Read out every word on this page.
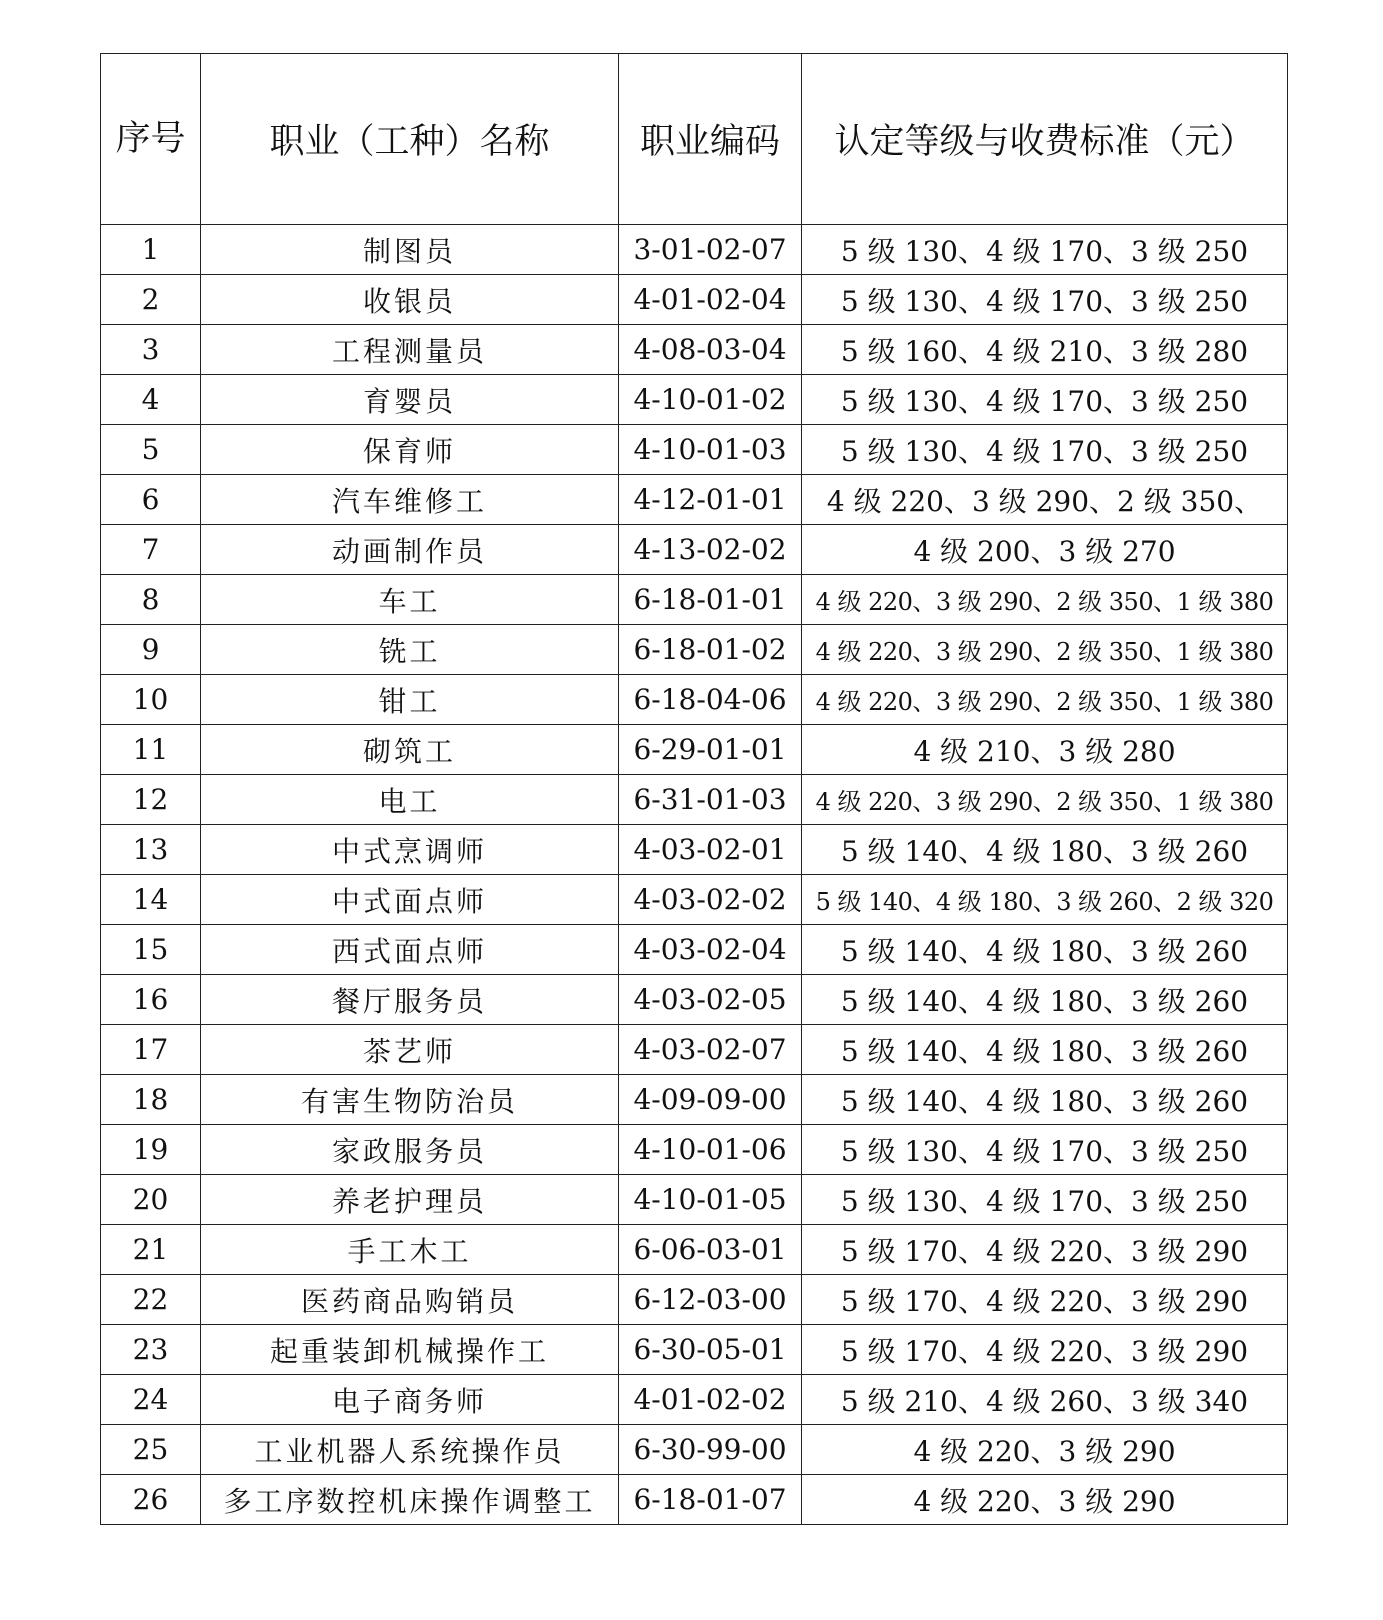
序号	职业（工种）名称	职业编码	认定等级与收费标准（元）
1	制图员	3-01-02-07	5 级 130、4 级 170、3 级 250
2	收银员	4-01-02-04	5 级 130、4 级 170、3 级 250
3	工程测量员	4-08-03-04	5 级 160、4 级 210、3 级 280
4	育婴员	4-10-01-02	5 级 130、4 级 170、3 级 250
5	保育师	4-10-01-03	5 级 130、4 级 170、3 级 250
6	汽车维修工	4-12-01-01	4 级 220、3 级 290、2 级 350、
7	动画制作员	4-13-02-02	4 级 200、3 级 270
8	车工	6-18-01-01	4 级 220、3 级 290、2 级 350、1 级 380
9	铣工	6-18-01-02	4 级 220、3 级 290、2 级 350、1 级 380
10	钳工	6-18-04-06	4 级 220、3 级 290、2 级 350、1 级 380
11	砌筑工	6-29-01-01	4 级 210、3 级 280
12	电工	6-31-01-03	4 级 220、3 级 290、2 级 350、1 级 380
13	中式烹调师	4-03-02-01	5 级 140、4 级 180、3 级 260
14	中式面点师	4-03-02-02	5 级 140、4 级 180、3 级 260、2 级 320
15	西式面点师	4-03-02-04	5 级 140、4 级 180、3 级 260
16	餐厅服务员	4-03-02-05	5 级 140、4 级 180、3 级 260
17	茶艺师	4-03-02-07	5 级 140、4 级 180、3 级 260
18	有害生物防治员	4-09-09-00	5 级 140、4 级 180、3 级 260
19	家政服务员	4-10-01-06	5 级 130、4 级 170、3 级 250
20	养老护理员	4-10-01-05	5 级 130、4 级 170、3 级 250
21	手工木工	6-06-03-01	5 级 170、4 级 220、3 级 290
22	医药商品购销员	6-12-03-00	5 级 170、4 级 220、3 级 290
23	起重装卸机械操作工	6-30-05-01	5 级 170、4 级 220、3 级 290
24	电子商务师	4-01-02-02	5 级 210、4 级 260、3 级 340
25	工业机器人系统操作员	6-30-99-00	4 级 220、3 级 290
26	多工序数控机床操作调整工	6-18-01-07	4 级 220、3 级 290
